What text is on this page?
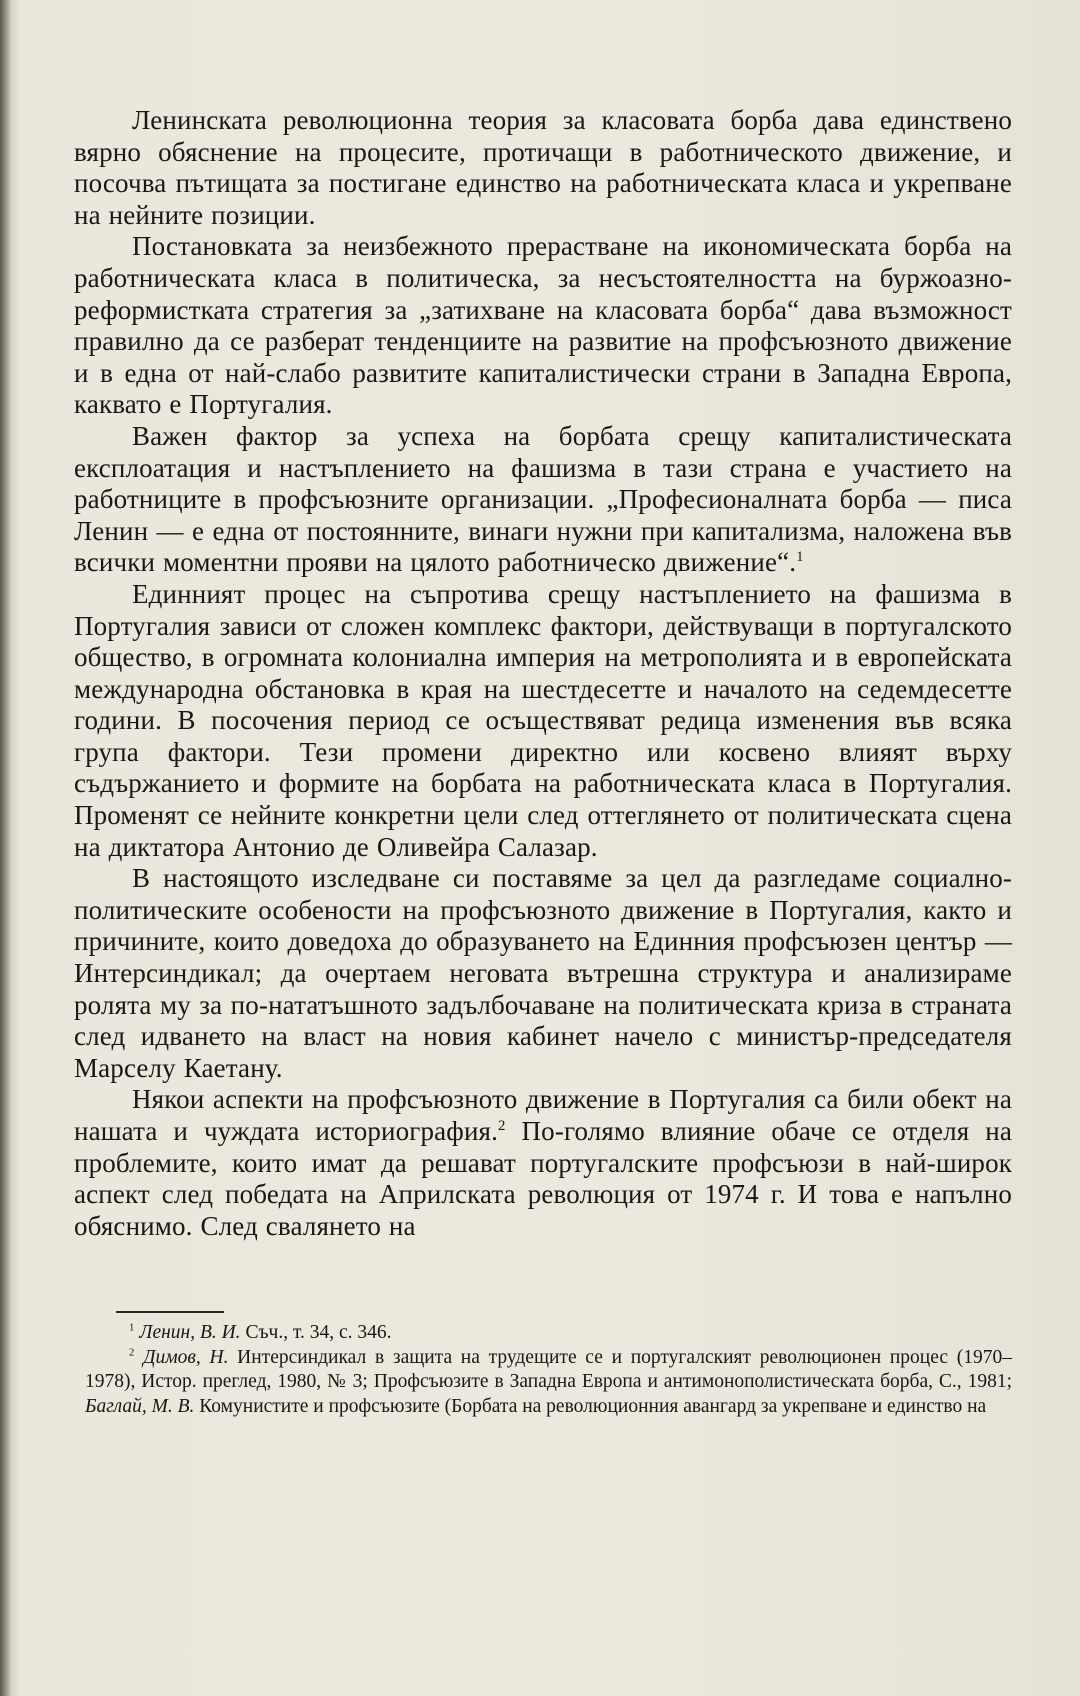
Ленинската революционна теория за класовата борба дава единствено вярно обяснение на процесите, протичащи в работническото движение, и посочва пътищата за постигане единство на работническата класа и укрепване на нейните позиции.

Постановката за неизбежното прерастване на икономическата борба на работническата класа в политическа, за несъстоятелността на буржоазно-реформистката стратегия за „затихване на класовата борба“ дава възможност правилно да се разберат тенденциите на развитие на профсъюзното движение и в една от най-слабо развитите капиталистически страни в Западна Европа, каквато е Португалия.

Важен фактор за успеха на борбата срещу капиталистическата експлоатация и настъплението на фашизма в тази страна е участието на работниците в профсъюзните организации. „Професионалната борба — писа Ленин — е една от постоянните, винаги нужни при капитализма, наложена във всички моментни прояви на цялото работническо движение“.$^1$

Единният процес на съпротива срещу настъплението на фашизма в Португалия зависи от сложен комплекс фактори, действуващи в португалското общество, в огромната колониална империя на метрополията и в европейската международна обстановка в края на шестдесетте и началото на седемдесетте години. В посочения период се осъществяват редица изменения във всяка група фактори. Тези промени директно или косвено влияят върху съдържанието и формите на борбата на работническата класа в Португалия. Променят се нейните конкретни цели след оттеглянето от политическата сцена на диктатора Антонио де Оливейра Салазар.

В настоящото изследване си поставяме за цел да разгледаме социално-политическите особености на профсъюзното движение в Португалия, както и причините, които доведоха до образуването на Единния профсъюзен център — Интерсиндикал; да очертаем неговата вътрешна структура и анализираме ролята му за по-нататъшното задълбочаване на политическата криза в страната след идването на власт на новия кабинет начело с министър-председателя Марселу Каетану.

Някои аспекти на профсъюзното движение в Португалия са били обект на нашата и чуждата историография.$^2$ По-голямо влияние обаче се отделя на проблемите, които имат да решават португалските профсъюзи в най-широк аспект след победата на Априлската революция от 1974 г. И това е напълно обяснимо. След свалянето на

$^1$ Ленин, В. И. Съч., т. 34, с. 346.

$^2$ Димов, Н. Интерсиндикал в защита на трудещите се и португалският революционен процес (1970–1978), Истор. преглед, 1980, № 3; Профсъюзите в Западна Европа и антимонополистическата борба, С., 1981; Баглай, М. В. Комунистите и профсъюзите (Борбата на революционния авангард за укрепване и единство на
